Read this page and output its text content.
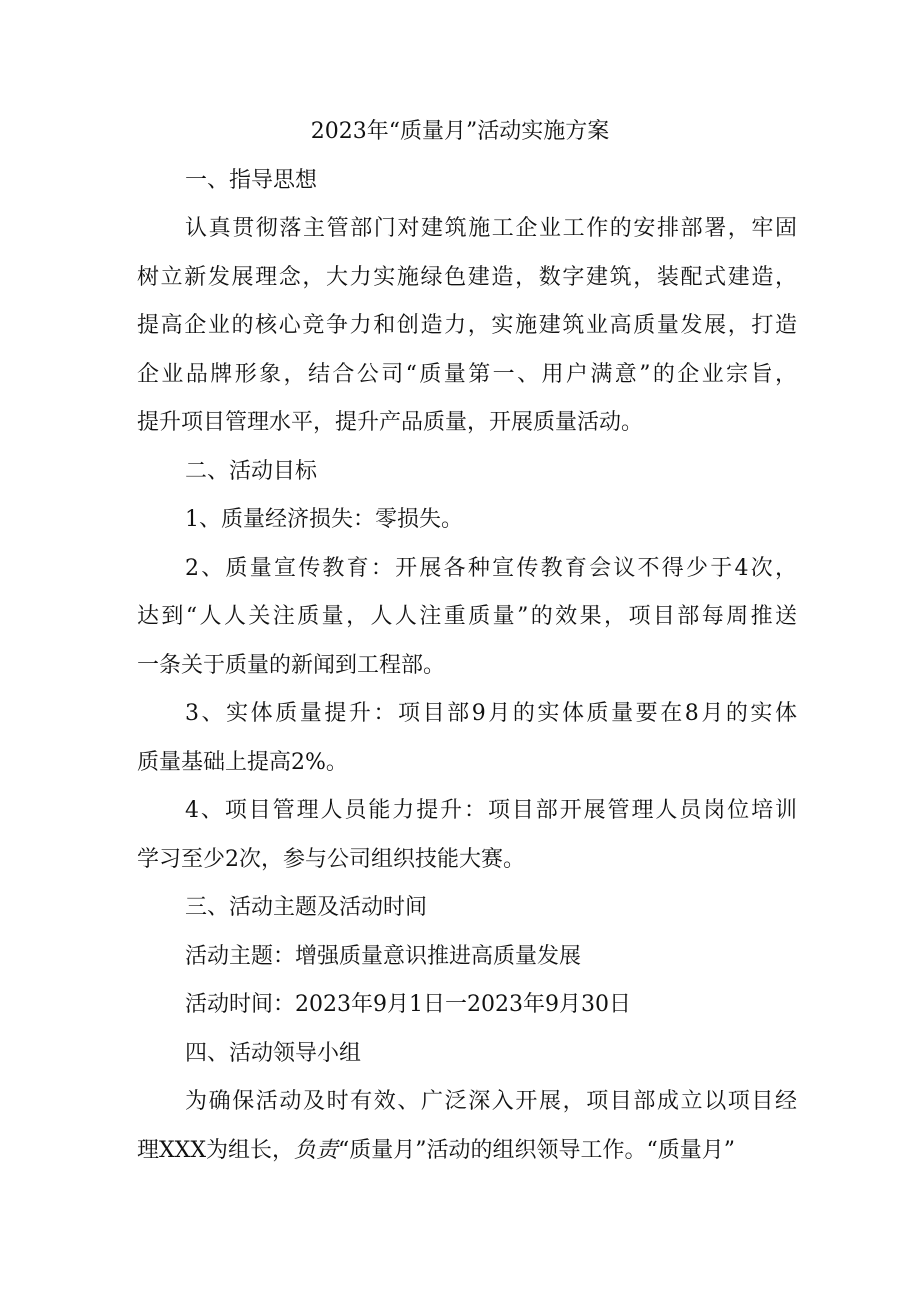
2023年“质量月”活动实施方案
一、指导思想
认真贯彻落主管部门对建筑施工企业工作的安排部署，牢固
树立新发展理念，大力实施绿色建造，数字建筑，装配式建造，
提高企业的核心竞争力和创造力，实施建筑业高质量发展，打造
企业品牌形象，结合公司“质量第一、用户满意”的企业宗旨，
提升项目管理水平，提升产品质量，开展质量活动。
二、活动目标
1、质量经济损失：零损失。
2、质量宣传教育：开展各种宣传教育会议不得少于4次，
达到“人人关注质量，人人注重质量”的效果，项目部每周推送
一条关于质量的新闻到工程部。
3、实体质量提升：项目部9月的实体质量要在8月的实体
质量基础上提高2%。
4、项目管理人员能力提升：项目部开展管理人员岗位培训
学习至少2次，参与公司组织技能大赛。
三、活动主题及活动时间
活动主题：增强质量意识推进高质量发展
活动时间：2023年9月1日一2023年9月30日
四、活动领导小组
为确保活动及时有效、广泛深入开展，项目部成立以项目经
理XXX为组长，负责“质量月”活动的组织领导工作。“质量月”
